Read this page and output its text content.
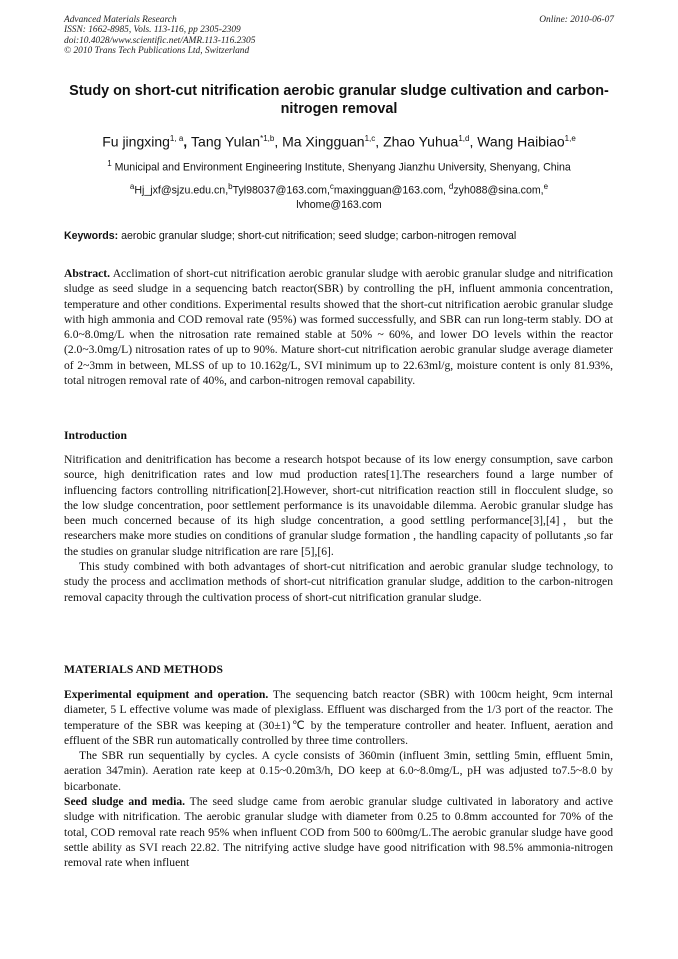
Advanced Materials Research
ISSN: 1662-8985, Vols. 113-116, pp 2305-2309
doi:10.4028/www.scientific.net/AMR.113-116.2305
© 2010 Trans Tech Publications Ltd, Switzerland
Online: 2010-06-07
Study on short-cut nitrification aerobic granular sludge cultivation and carbon-nitrogen removal
Fu jingxing$^{1, a}$, Tang Yulan$^{*1,b}$, Ma Xingguan$^{1,c}$, Zhao Yuhua$^{1,d}$, Wang Haibiao$^{1,e}$
$^1$ Municipal and Environment Engineering Institute, Shenyang Jianzhu University, Shenyang, China
$^a$Hj_jxf@sjzu.edu.cn,$^b$Tyl98037@163.com,$^c$maxingguan@163.com, $^d$zyh088@sina.com,$^e$
lvhome@163.com
Keywords: aerobic granular sludge; short-cut nitrification; seed sludge; carbon-nitrogen removal

Abstract. Acclimation of short-cut nitrification aerobic granular sludge with aerobic granular sludge and nitrification sludge as seed sludge in a sequencing batch reactor(SBR) by controlling the pH, influent ammonia concentration, temperature and other conditions. Experimental results showed that the short-cut nitrification aerobic granular sludge with high ammonia and COD removal rate (95%) was formed successfully, and SBR can run long-term stably. DO at 6.0~8.0mg/L when the nitrosation rate remained stable at 50% ~ 60%, and lower DO levels within the reactor (2.0~3.0mg/L) nitrosation rates of up to 90%. Mature short-cut nitrification aerobic granular sludge average diameter of 2~3mm in between, MLSS of up to 10.162g/L, SVI minimum up to 22.63ml/g, moisture content is only 81.93%, total nitrogen removal rate of 40%, and carbon-nitrogen removal capability.

Introduction

Nitrification and denitrification has become a research hotspot because of its low energy consumption, save carbon source, high denitrification rates and low mud production rates[1].The researchers found a large number of influencing factors controlling nitrification[2].However, short-cut nitrification reaction still in flocculent sludge, so the low sludge concentration, poor settlement performance is its unavoidable dilemma. Aerobic granular sludge has been much concerned because of its high sludge concentration, a good settling performance[3],[4]，but the researchers make more studies on conditions of granular sludge formation , the handling capacity of pollutants ,so far the studies on granular sludge nitrification are rare [5],[6].

This study combined with both advantages of short-cut nitrification and aerobic granular sludge technology, to study the process and acclimation methods of short-cut nitrification granular sludge, addition to the carbon-nitrogen removal capacity through the cultivation process of short-cut nitrification granular sludge.

MATERIALS AND METHODS

Experimental equipment and operation. The sequencing batch reactor (SBR) with 100cm height, 9cm internal diameter, 5 L effective volume was made of plexiglass. Effluent was discharged from the 1/3 port of the reactor. The temperature of the SBR was keeping at (30±1)℃ by the temperature controller and heater. Influent, aeration and effluent of the SBR run automatically controlled by three time controllers.

The SBR run sequentially by cycles. A cycle consists of 360min (influent 3min, settling 5min, effluent 5min, aeration 347min). Aeration rate keep at 0.15~0.20m3/h, DO keep at 6.0~8.0mg/L, pH was adjusted to7.5~8.0 by bicarbonate.

Seed sludge and media. The seed sludge came from aerobic granular sludge cultivated in laboratory and active sludge with nitrification. The aerobic granular sludge with diameter from 0.25 to 0.8mm accounted for 70% of the total, COD removal rate reach 95% when influent COD from 500 to 600mg/L.The aerobic granular sludge have good settle ability as SVI reach 22.82. The nitrifying active sludge have good nitrification with 98.5% ammonia-nitrogen removal rate when influent
